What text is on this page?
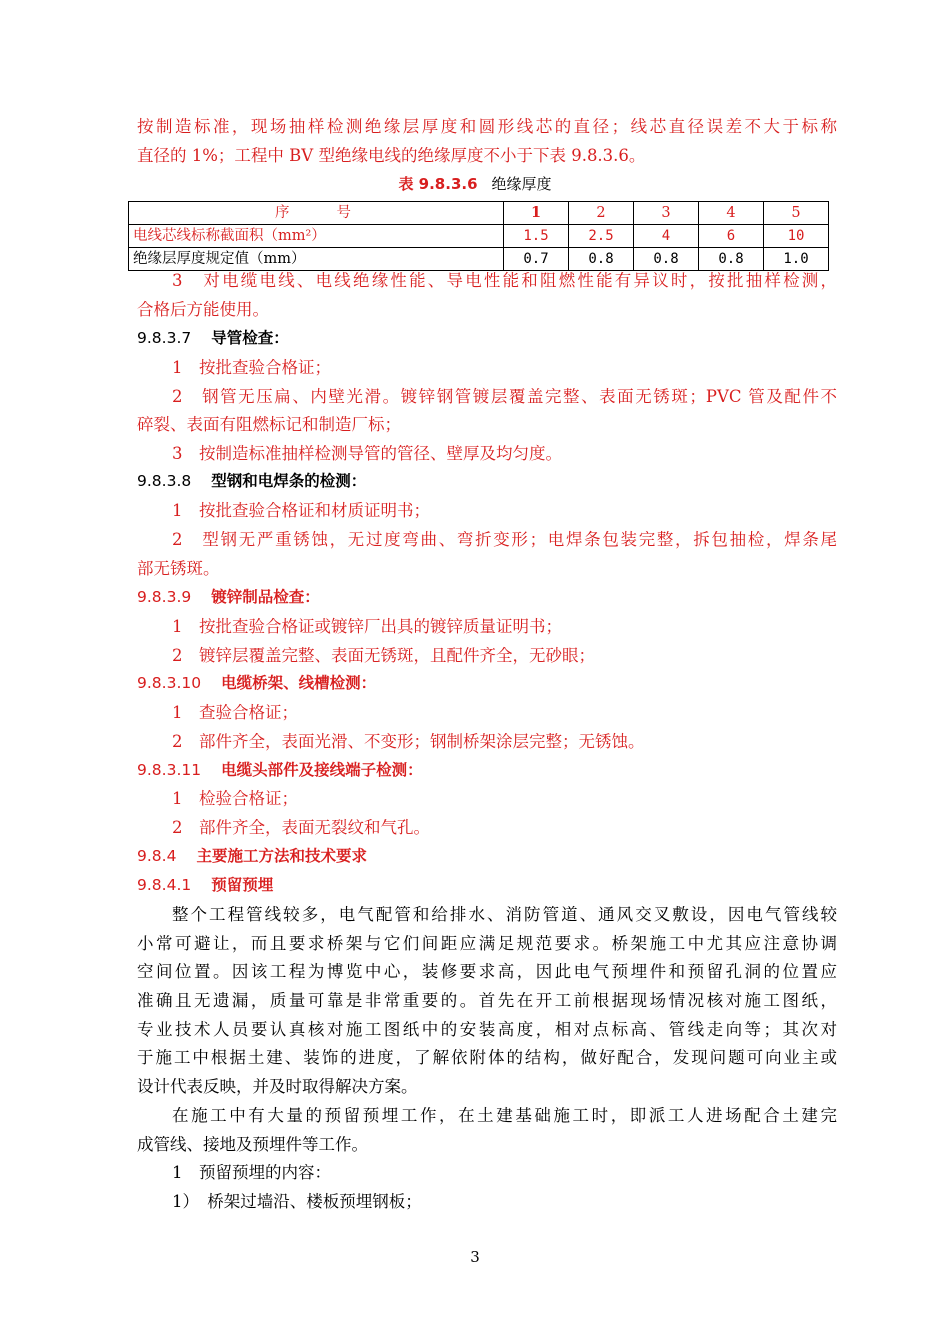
按制造标准，现场抽样检测绝缘层厚度和圆形线芯的直径；线芯直径误差不大于标称
直径的 1%；工程中 BV 型绝缘电线的绝缘厚度不小于下表 9.8.3.6。
表 9.8.3.6 绝缘厚度
序　　号	1	2	3	4	5
电线芯线标称截面积（mm²）	1.5	2.5	4	6	10
绝缘层厚度规定值（mm）	0.7	0.8	0.8	0.8	1.0
3　对电缆电线、电线绝缘性能、导电性能和阻燃性能有异议时，按批抽样检测，
合格后方能使用。
9.8.3.7 导管检查：
1　按批查验合格证；
2　钢管无压扁、内壁光滑。镀锌钢管镀层覆盖完整、表面无锈斑；PVC 管及配件不
碎裂、表面有阻燃标记和制造厂标；
3　按制造标准抽样检测导管的管径、壁厚及均匀度。
9.8.3.8 型钢和电焊条的检测：
1　按批查验合格证和材质证明书；
2　型钢无严重锈蚀，无过度弯曲、弯折变形；电焊条包装完整，拆包抽检，焊条尾
部无锈斑。
9.8.3.9 镀锌制品检查：
1　按批查验合格证或镀锌厂出具的镀锌质量证明书；
2　镀锌层覆盖完整、表面无锈斑，且配件齐全，无砂眼；
9.8.3.10 电缆桥架、线槽检测：
1　查验合格证；
2　部件齐全，表面光滑、不变形；钢制桥架涂层完整；无锈蚀。
9.8.3.11 电缆头部件及接线端子检测：
1　检验合格证；
2　部件齐全，表面无裂纹和气孔。
9.8.4 主要施工方法和技术要求
9.8.4.1 预留预埋
整个工程管线较多，电气配管和给排水、消防管道、通风交叉敷设，因电气管线较
小常可避让，而且要求桥架与它们间距应满足规范要求。桥架施工中尤其应注意协调
空间位置。因该工程为博览中心，装修要求高，因此电气预埋件和预留孔洞的位置应
准确且无遗漏，质量可靠是非常重要的。首先在开工前根据现场情况核对施工图纸，
专业技术人员要认真核对施工图纸中的安装高度，相对点标高、管线走向等；其次对
于施工中根据土建、装饰的进度，了解依附体的结构，做好配合，发现问题可向业主或
设计代表反映，并及时取得解决方案。
在施工中有大量的预留预埋工作，在土建基础施工时，即派工人进场配合土建完
成管线、接地及预埋件等工作。
1　预留预埋的内容：
1）　桥架过墙沿、楼板预埋钢板；
3
